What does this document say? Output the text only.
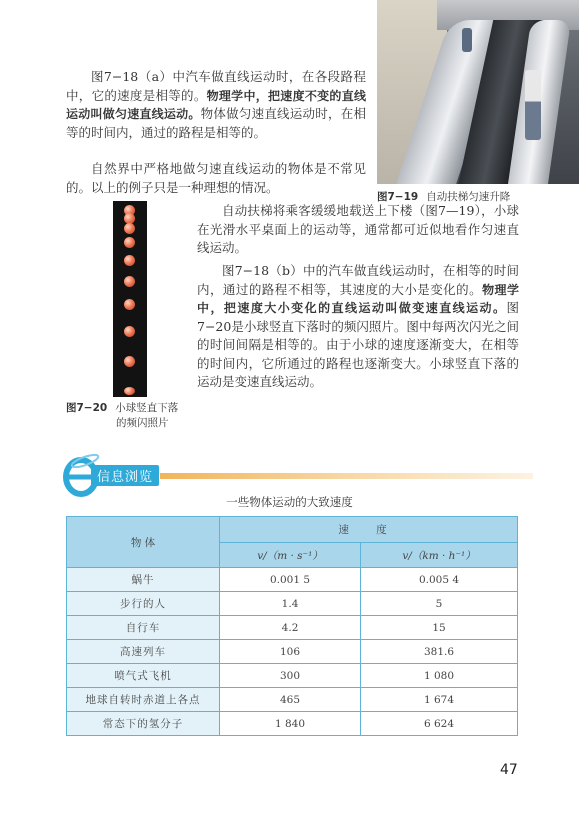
图7−18（a）中汽车做直线运动时，在各段路程中，它的速度是相等的。物理学中，把速度不变的直线运动叫做匀速直线运动。物体做匀速直线运动时，在相等的时间内，通过的路程是相等的。

自然界中严格地做匀速直线运动的物体是不常见的。以上的例子只是一种理想的情况。

图7−19 自动扶梯匀速升降
图7−20 小球竖直下落
的频闪照片

自动扶梯将乘客缓缓地载送上下楼（图7—19），小球在光滑水平桌面上的运动等，通常都可近似地看作匀速直线运动。

图7−18（b）中的汽车做直线运动时，在相等的时间内，通过的路程不相等，其速度的大小是变化的。物理学中，把速度大小变化的直线运动叫做变速直线运动。图7−20是小球竖直下落时的频闪照片。图中每两次闪光之间的时间间隔是相等的。由于小球的速度逐渐变大，在相等的时间内，它所通过的路程也逐渐变大。小球竖直下落的运动是变速直线运动。

信息浏览
一些物体运动的大致速度
物 体	速 度	
	v/（m · s⁻¹）	v/（km · h⁻¹）
蜗牛	0.001 5	0.005 4
步行的人	1.4	5
自行车	4.2	15
高速列车	106	381.6
喷气式飞机	300	1 080
地球自转时赤道上各点	465	1 674
常态下的氢分子	1 840	6 624
47
